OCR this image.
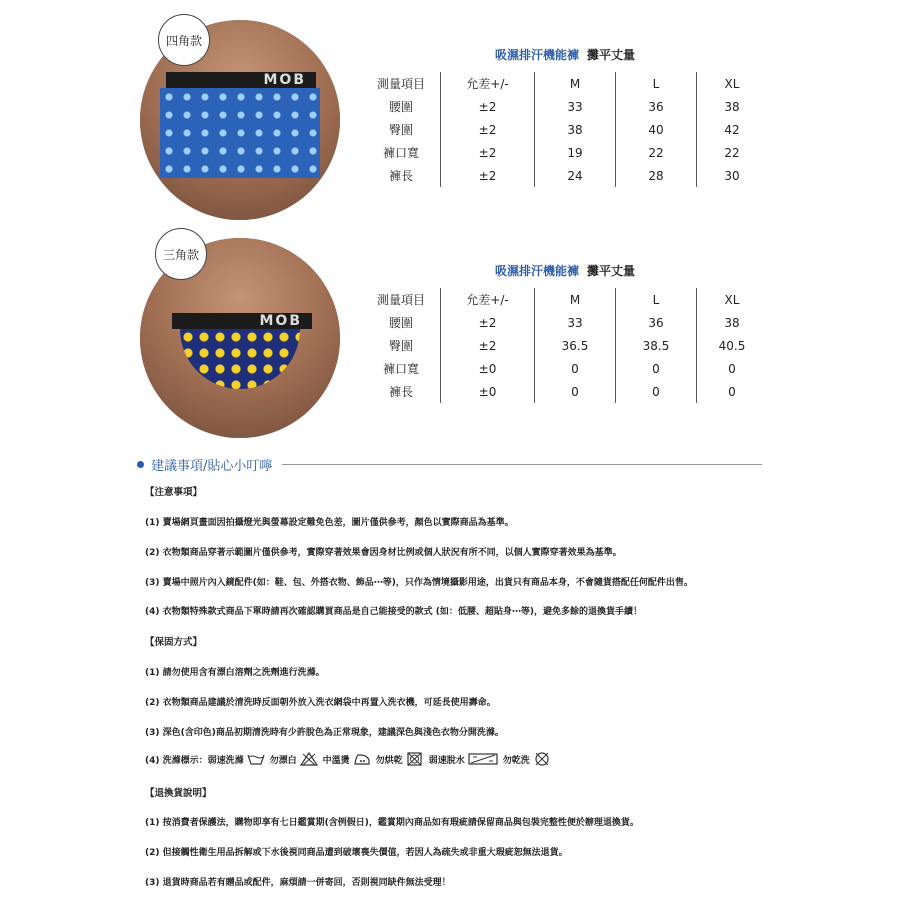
MOB
四角款
吸濕排汗機能褲 攤平丈量
測量項目	允差+/-	M	L	XL
腰圍	±2	33	36	38
臀圍	±2	38	40	42
褲口寬	±2	19	22	22
褲長	±2	24	28	30
MOB
三角款
吸濕排汗機能褲 攤平丈量
測量項目	允差+/-	M	L	XL
腰圍	±2	33	36	38
臀圍	±2	36.5	38.5	40.5
褲口寬	±0	0	0	0
褲長	±0	0	0	0
建議事項/貼心小叮嚀
【注意事項】
(1) 賣場網頁畫面因拍攝燈光與螢幕設定難免色差，圖片僅供參考，顏色以實際商品為基準。
(2) 衣物類商品穿著示範圖片僅供參考，實際穿著效果會因身材比例或個人狀況有所不同，以個人實際穿著效果為基準。
(3) 賣場中照片內入鏡配件(如：鞋、包、外搭衣物、飾品⋯等)，只作為情境攝影用途，出貨只有商品本身，不會隨貨搭配任何配件出售。
(4) 衣物類特殊款式商品下單時請再次確認購買商品是自己能接受的款式 (如：低腰、超貼身⋯等)，避免多餘的退換貨手續！
【保固方式】
(1) 請勿使用含有漂白溶劑之洗劑進行洗滌。
(2) 衣物類商品建議於清洗時反面朝外放入洗衣網袋中再置入洗衣機，可延長使用壽命。
(3) 深色(含印色)商品初期清洗時有少許脫色為正常現象，建議深色與淺色衣物分開洗滌。
(4) 洗滌標示： 弱速洗滌	勿漂白	中溫燙	勿烘乾	弱速脫水	勿乾洗
【退換貨說明】
(1) 按消費者保護法，購物即享有七日鑑賞期(含例假日)，鑑賞期內商品如有瑕疵請保留商品與包裝完整性便於辦理退換貨。
(2) 但接觸性衛生用品拆解或下水後視同商品遭到破壞喪失價值，若因人為疏失或非重大瑕疵恕無法退貨。
(3) 退貨時商品若有贈品或配件，麻煩請一併寄回，否則視同缺件無法受理！
